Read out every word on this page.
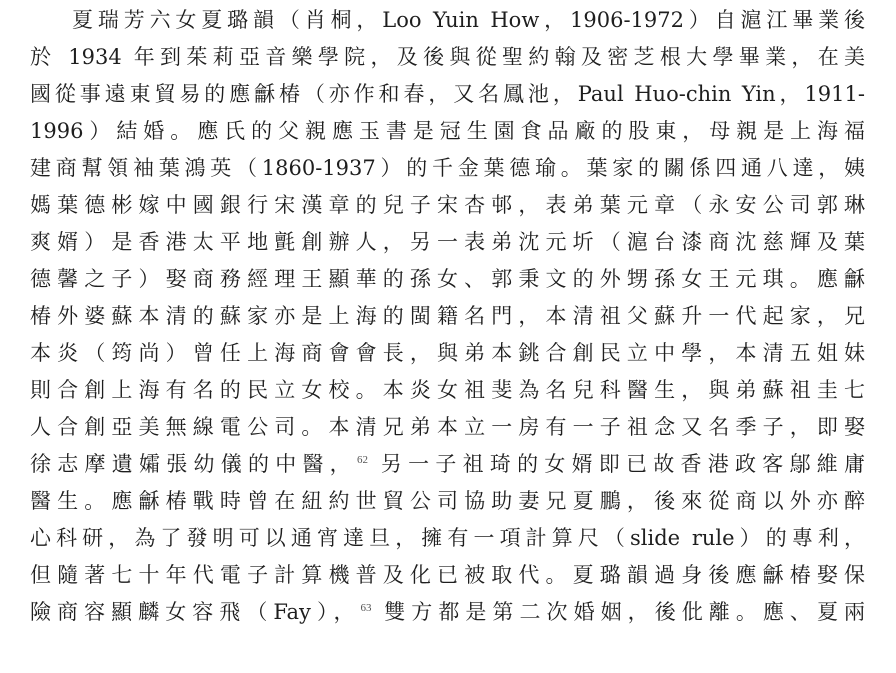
夏瑞芳六女夏璐韻（肖桐，Loo Yuin How，1906-1972）自滬江畢業後
於 1934 年到茱莉亞音樂學院，及後與從聖約翰及密芝根大學畢業，在美
國從事遠東貿易的應龢椿（亦作和春，又名鳳池，Paul Huo-chin Yin，1911-
1996）結婚。應氏的父親應玉書是冠生園食品廠的股東，母親是上海福
建商幫領袖葉鴻英（1860-1937）的千金葉德瑜。葉家的關係四通八達，姨
媽葉德彬嫁中國銀行宋漢章的兒子宋杏邨，表弟葉元章（永安公司郭琳
爽婿）是香港太平地氈創辦人，另一表弟沈元圻（滬台漆商沈慈輝及葉
德馨之子）娶商務經理王顯華的孫女、郭秉文的外甥孫女王元琪。應龢
椿外婆蘇本清的蘇家亦是上海的閩籍名門，本清祖父蘇升一代起家，兄
本炎（筠尚）曾任上海商會會長，與弟本銚合創民立中學，本清五姐妹
則合創上海有名的民立女校。本炎女祖斐為名兒科醫生，與弟蘇祖圭七
人合創亞美無線電公司。本清兄弟本立一房有一子祖念又名季子，即娶
徐志摩遺孀張幼儀的中醫，$^{62}$ 另一子祖琦的女婿即已故香港政客鄔維庸
醫生。應龢椿戰時曾在紐約世貿公司協助妻兄夏鵬，後來從商以外亦醉
心科研，為了發明可以通宵達旦，擁有一項計算尺（slide rule）的專利，
但隨著七十年代電子計算機普及化已被取代。夏璐韻過身後應龢椿娶保
險商容顯麟女容飛（Fay），$^{63}$ 雙方都是第二次婚姻，後仳離。應、夏兩
